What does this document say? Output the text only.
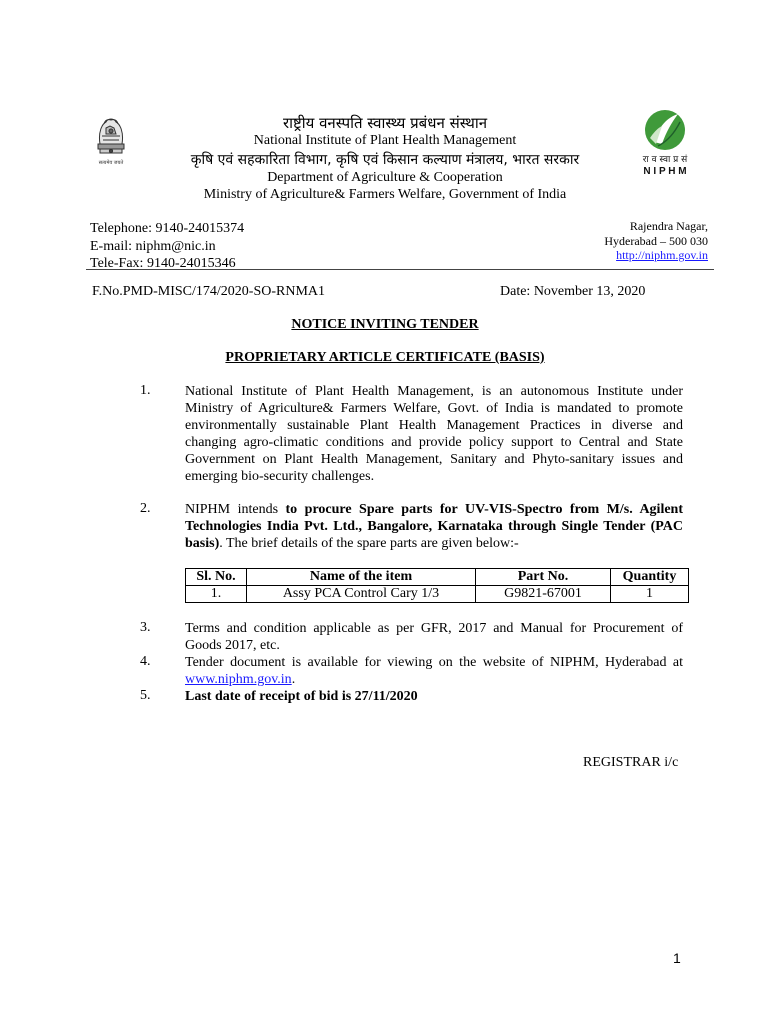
सत्यमेव जयते	रा व स्वा प्र सं
N I P H M
राष्ट्रीय वनस्पति स्वास्थ्य प्रबंधन संस्थान
National Institute of Plant Health Management
कृषि एवं सहकारिता विभाग, कृषि एवं किसान कल्याण मंत्रालय, भारत सरकार
Department of Agriculture & Cooperation
Ministry of Agriculture& Farmers Welfare, Government of India
Telephone: 9140-24015374
E-mail: niphm@nic.in
Tele-Fax: 9140-24015346
Rajendra Nagar,
Hyderabad – 500 030
http://niphm.gov.in
F.No.PMD-MISC/174/2020-SO-RNMA1	Date: November 13, 2020
NOTICE INVITING TENDER
PROPRIETARY ARTICLE CERTIFICATE (BASIS)
1. National Institute of Plant Health Management, is an autonomous Institute under Ministry of Agriculture& Farmers Welfare, Govt. of India is mandated to promote environmentally sustainable Plant Health Management Practices in diverse and changing agro-climatic conditions and provide policy support to Central and State Government on Plant Health Management, Sanitary and Phyto-sanitary issues and emerging bio-security challenges.
2. NIPHM intends to procure Spare parts for UV-VIS-Spectro from M/s. Agilent Technologies India Pvt. Ltd., Bangalore, Karnataka through Single Tender (PAC basis). The brief details of the spare parts are given below:-
Sl. No.	Name of the item	Part No.	Quantity
1.	Assy PCA Control Cary 1/3	G9821-67001	1
3. Terms and condition applicable as per GFR, 2017 and Manual for Procurement of Goods 2017, etc.
4. Tender document is available for viewing on the website of NIPHM, Hyderabad at www.niphm.gov.in.
5. Last date of receipt of bid is 27/11/2020
REGISTRAR i/c
1
